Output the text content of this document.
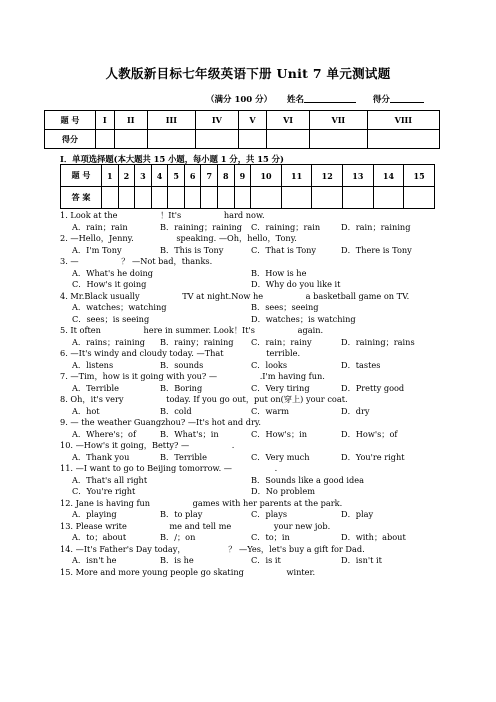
人教版新目标七年级英语下册 Unit 7 单元测试题
（满分 100 分） 姓名	得分
题 号	I	II	III	IV	V	VI	VII	VIII
得分								
I．单项选择题(本大题共 15 小题，每小题 1 分，共 15 分)
题 号	1	2	3	4	5	6	7	8	9	10	11	12	13	14	15
答 案															
1. Look at the	！It's	hard now.
A．rain；rain	B．raining；raining C．raining；rain	D．rain；raining
2. —Hello，Jenny.	speaking. —Oh，hello，Tony.
A．I'm Tony	B．This is Tony	C．That is Tony	D．There is Tony
3. —	？ —Not bad，thanks.
A．What's he doing	B．How is he
C．How's it going	D．Why do you like it
4. Mr.Black usually	TV at night.Now he	a basketball game on TV.
A．watches；watching	B．sees；seeing
C．sees；is seeing	D．watches；is watching
5. It often	here in summer. Look！It's	again.
A．rains；raining B．rainy；raining C．rain；rainy	D．raining；rains
6. —It's windy and cloudy today. —That	terrible.
A．listens	B．sounds	C．looks	D．tastes
7. —Tim，how is it going with you? —	.I'm having fun.
A．Terrible	B．Boring	C．Very tiring	D．Pretty good
8. Oh，it's very	today. If you go out，put on(穿上) your coat.
A．hot	B．cold	C．warm	D．dry
9. — the weather Guangzhou? —It's hot and dry.
A．Where's；of	B．What's；in	C．How's；in	D．How's；of
10. —How's it going，Betty? —	.
A．Thank you	B．Terrible	C．Very much	D．You're right
11. —I want to go to Beijing tomorrow. —	.
A．That's all right	B．Sounds like a good idea
C．You're right	D．No problem
12. Jane is having fun	games with her parents at the park.
A．playing	B．to play	C．plays	D．play
13. Please write	me and tell me	your new job.
A．to；about	B．/；on	C．to；in	D．with；about
14. —It's Father's Day today，	？ —Yes，let's buy a gift for Dad.
A．isn't he	B．is he	C．is it	D．isn't it
15. More and more young people go skating	winter.
